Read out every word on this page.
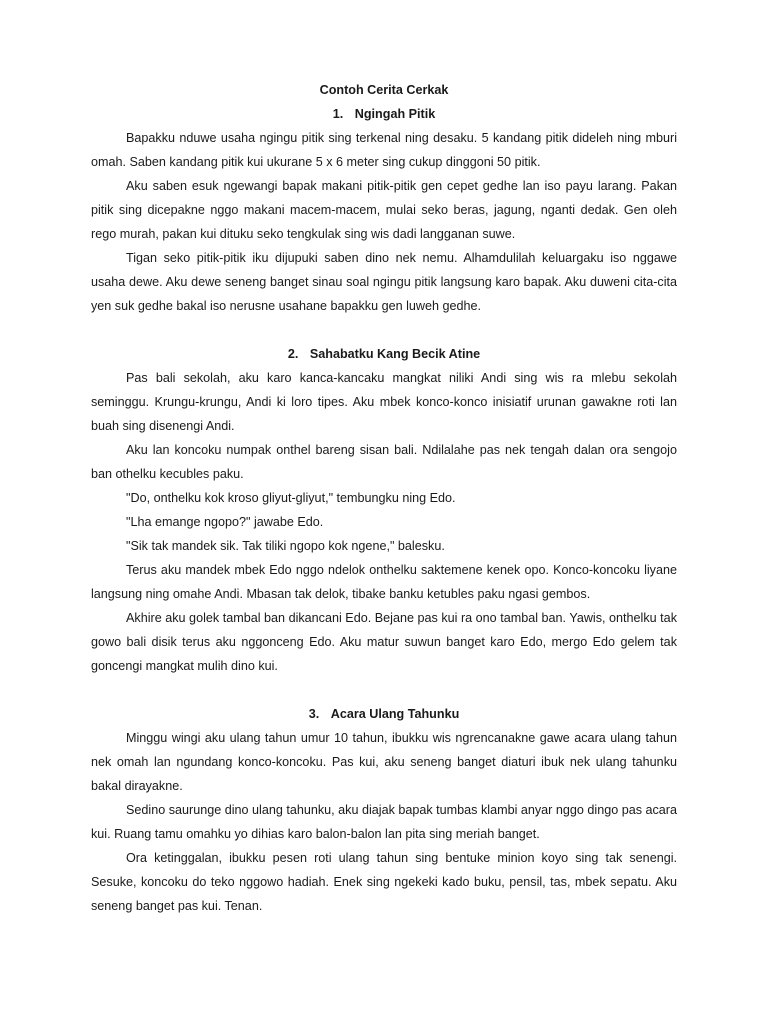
Contoh Cerita Cerkak

1. Ngingah Pitik

Bapakku nduwe usaha ngingu pitik sing terkenal ning desaku. 5 kandang pitik dideleh ning mburi omah. Saben kandang pitik kui ukurane 5 x 6 meter sing cukup dinggoni 50 pitik.

Aku saben esuk ngewangi bapak makani pitik-pitik gen cepet gedhe lan iso payu larang. Pakan pitik sing dicepakne nggo makani macem-macem, mulai seko beras, jagung, nganti dedak. Gen oleh rego murah, pakan kui dituku seko tengkulak sing wis dadi langganan suwe.

Tigan seko pitik-pitik iku dijupuki saben dino nek nemu. Alhamdulilah keluargaku iso nggawe usaha dewe. Aku dewe seneng banget sinau soal ngingu pitik langsung karo bapak. Aku duweni cita-cita yen suk gedhe bakal iso nerusne usahane bapakku gen luweh gedhe.

2. Sahabatku Kang Becik Atine

Pas bali sekolah, aku karo kanca-kancaku mangkat niliki Andi sing wis ra mlebu sekolah seminggu. Krungu-krungu, Andi ki loro tipes. Aku mbek konco-konco inisiatif urunan gawakne roti lan buah sing disenengi Andi.

Aku lan koncoku numpak onthel bareng sisan bali. Ndilalahe pas nek tengah dalan ora sengojo ban othelku kecubles paku.

"Do, onthelku kok kroso gliyut-gliyut," tembungku ning Edo.

"Lha emange ngopo?" jawabe Edo.

"Sik tak mandek sik. Tak tiliki ngopo kok ngene," balesku.

Terus aku mandek mbek Edo nggo ndelok onthelku saktemene kenek opo. Konco-koncoku liyane langsung ning omahe Andi. Mbasan tak delok, tibake banku ketubles paku ngasi gembos.

Akhire aku golek tambal ban dikancani Edo. Bejane pas kui ra ono tambal ban. Yawis, onthelku tak gowo bali disik terus aku nggonceng Edo. Aku matur suwun banget karo Edo, mergo Edo gelem tak goncengi mangkat mulih dino kui.

3. Acara Ulang Tahunku

Minggu wingi aku ulang tahun umur 10 tahun, ibukku wis ngrencanakne gawe acara ulang tahun nek omah lan ngundang konco-koncoku. Pas kui, aku seneng banget diaturi ibuk nek ulang tahunku bakal dirayakne.

Sedino saurunge dino ulang tahunku, aku diajak bapak tumbas klambi anyar nggo dingo pas acara kui. Ruang tamu omahku yo dihias karo balon-balon lan pita sing meriah banget.

Ora ketinggalan, ibukku pesen roti ulang tahun sing bentuke minion koyo sing tak senengi. Sesuke, koncoku do teko nggowo hadiah. Enek sing ngekeki kado buku, pensil, tas, mbek sepatu. Aku seneng banget pas kui. Tenan.
